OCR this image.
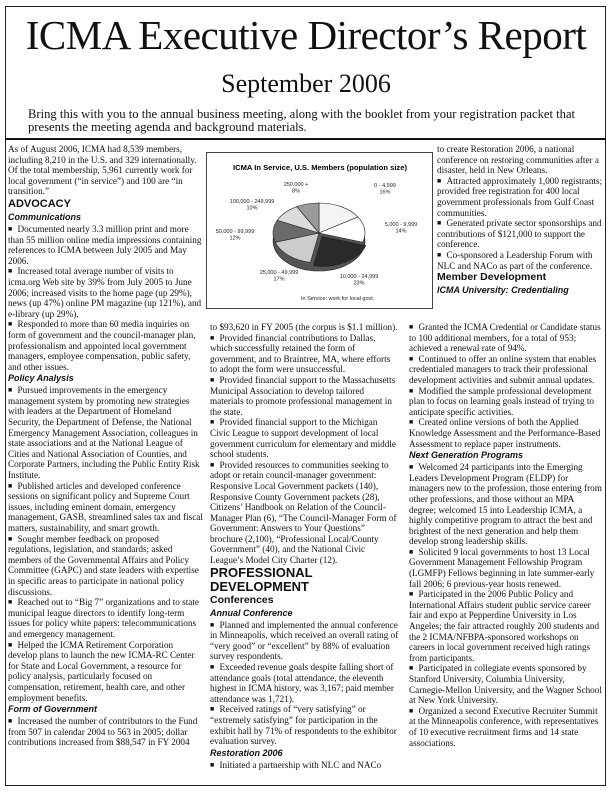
ICMA Executive Director’s Report
September 2006
Bring this with you to the annual business meeting, along with the booklet from your registration packet that presents the meeting agenda and background materials.

As of August 2006, ICMA had 8,539 members, including 8,210 in the U.S. and 329 internationally. Of the total membership, 5,961 currently work for local government (“in service”) and 100 are “in transition.”

ADVOCACY

Communications

■   Documented nearly 3.3 million print and more than 55 million online media impressions containing references to ICMA between July 2005 and May 2006.

■   Increased total average number of visits to icma.org Web site by 39% from July 2005 to June 2006; increased visits to the home page (up 29%), news (up 47%) online PM magazine (up 121%), and e-library (up 29%).

■   Responded to more than 60 media inquiries on form of government and the council-manager plan, professionalism and appointed local government managers, employee compensation, public safety, and other issues.

Policy Analysis

■   Pursued improvements in the emergency management system by promoting new strategies with leaders at the Department of Homeland Security, the Department of Defense, the National Emergency Management Association, colleagues in state associations and at the National League of Cities and National Association of Counties, and Corporate Partners, including the Public Entity Risk Institute.

■   Published articles and developed conference sessions on significant policy and Supreme Court issues, including eminent domain, emergency management, GASB, streamlined sales tax and fiscal matters, sustainability, and smart growth.

■   Sought member feedback on proposed regulations, legislation, and standards; asked members of the Governmental Affairs and Policy Committee (GAPC) and state leaders with expertise in specific areas to participate in national policy discussions.

■   Reached out to “Big 7” organizations and to state municipal league directors to identify long-term issues for policy white papers: telecommunications and emergency management.

■   Helped the ICMA Retirement Corporation develop plans to launch the new ICMA-RC Center for State and Local Government, a resource for policy analysis, particularly focused on compensation, retirement, health care, and other employment benefits.

Form of Government

■   Increased the number of contributors to the Fund from 507 in calendar 2004 to 563 in 2005; dollar contributions increased from $88,547 in FY 2004

to $93,620 in FY 2005 (the corpus is $1.1 million).

■   Provided financial contributions to Dallas, which successfully retained the form of government, and to Braintree, MA, where efforts to adopt the form were unsuccessful.

■   Provided financial support to the Massachusetts Municipal Association to develop tailored materials to promote professional management in the state.

■   Provided financial support to the Michigan Civic League to support development of local government curriculum for elementary and middle school students.

■   Provided resources to communities seeking to adopt or retain council-manager government: Responsive Local Government packets (140), Responsive County Government packets (28), Citizens’ Handbook on Relation of the Council-Manager Plan (6), “The Council-Manager Form of Government: Answers to Your Questions” brochure (2,100), “Professional Local/County Government” (40), and the National Civic League’s Model City Charter (12).

PROFESSIONAL DEVELOPMENT

Conferences

Annual Conference

■   Planned and implemented the annual conference in Minneapolis, which received an overall rating of “very good” or “excellent” by 88% of evaluation survey respondents.

■   Exceeded revenue goals despite falling short of attendance goals (total attendance, the eleventh highest in ICMA history, was 3,167; paid member attendance was 1,721).

■   Received ratings of “very satisfying” or “extremely satisfying” for participation in the exhibit hall by 71% of respondents to the exhibitor evaluation survey.

Restoration 2006

■   Initiated a partnership with NLC and NACo

to create Restoration 2006, a national conference on restoring communities after a disaster, held in New Orleans.

■   Attracted approximately 1,000 registrants; provided free registration for 400 local government professionals from Gulf Coast communities.

■   Generated private sector sponsorships and contributions of $121,000 to support the conference.

■   Co-sponsored a Leadership Forum with NLC and NACo as part of the conference.

Member Development

ICMA University: Credentialing

■   Granted the ICMA Credential or Candidate status to 100 additional members, for a total of 953; achieved a renewal rate of 94%.

■   Continued to offer an online system that enables credentialed managers to track their professional development activities and submit annual updates.

■   Modified the sample professional development plan to focus on learning goals instead of trying to anticipate specific activities.

■   Created online versions of both the Applied Knowledge Assessment and the Performance-Based Assessment to replace paper instruments.

Next Generation Programs

■   Welcomed 24 participants into the Emerging Leaders Development Program (ELDP) for managers new to the profession, those entering from other professions, and those without an MPA degree; welcomed 15 into Leadership ICMA, a highly competitive program to attract the best and brightest of the next generation and help them develop strong leadership skills.

■   Solicited 9 local governments to host 13 Local Government Management Fellowship Program (LGMFP) Fellows beginning in late summer-early fall 2006; 6 previous-year hosts renewed.

■   Participated in the 2006 Public Policy and International Affairs student public service career fair and expo at Pepperdine University in Los Angeles; the fair attracted roughly 200 students and the 2 ICMA/NFBPA-sponsored workshops on careers in local government received high ratings from participants.

■   Participated in collegiate events sponsored by Stanford University, Columbia University, Carnegie-Mellon University, and the Wagner School at New York University.

■   Organized a second Executive Recruiter Summit at the Minneapolis conference, with representatives of 10 executive recruitment firms and 14 state associations.

ICMA In Service, U.S. Members (population size)
0 - 4,999
16%
5,000 - 9,999
14%
10,000 - 24,999
23%
25,000 - 49,999
17%
50,000 - 99,999
12%
100,000 - 249,999
10%
250,000 +
8%
In Service: work for local govt.
